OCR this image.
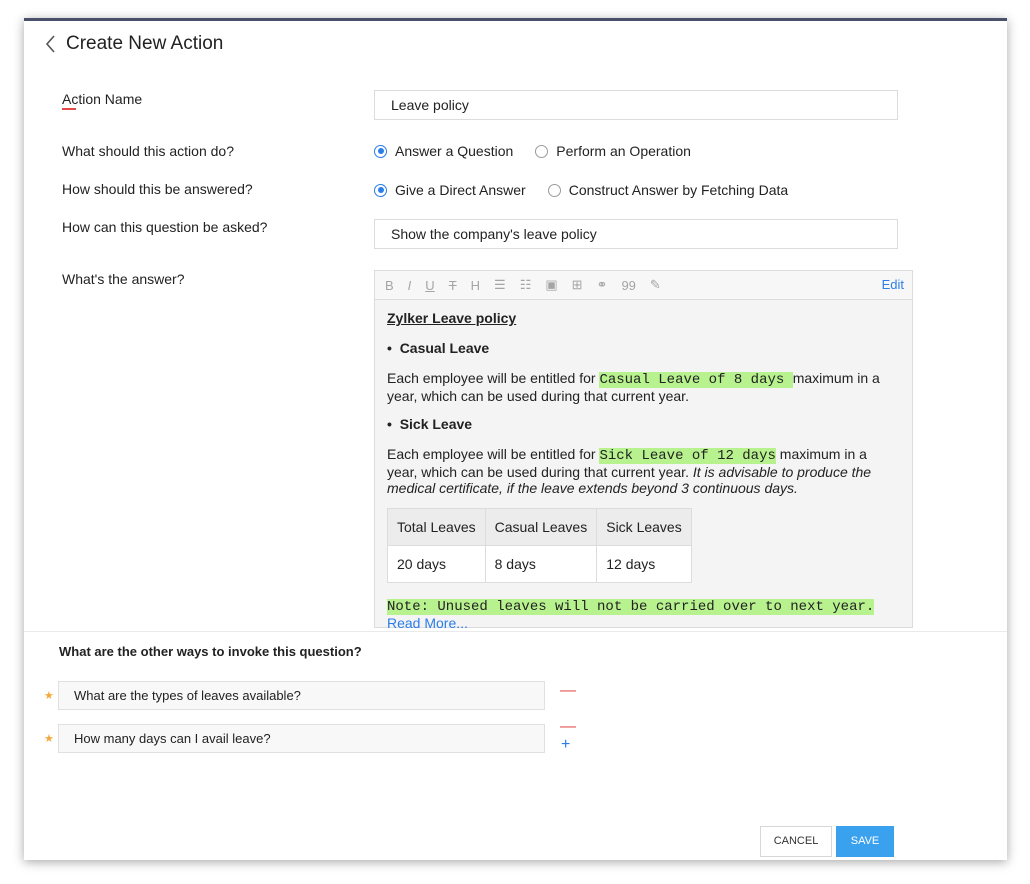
Create New Action
Action Name	Leave policy
What should this action do?	Answer a Question	Perform an Operation
How should this be answered?	Give a Direct Answer	Construct Answer by Fetching Data
How can this question be asked?	Show the company's leave policy
What's the answer?	B I U T H ☰ ☷ ▣ ⊞ ⚭ 99 ✎	Edit

Zylker Leave policy

•  Casual Leave

Each employee will be entitled for Casual Leave of 8 days maximum in a year, which can be used during that current year.

•  Sick Leave

Each employee will be entitled for Sick Leave of 12 days maximum in a year, which can be used during that current year. It is advisable to produce the medical certificate, if the leave extends beyond 3 continuous days.

Total Leaves	Casual Leaves	Sick Leaves
20 days	8 days	12 days
Note: Unused leaves will not be carried over to next year.
Read More...
What are the other ways to invoke this question?
★	What are the types of leaves available?	—
★	How many days can I avail leave?
—
+
CANCEL	SAVE
